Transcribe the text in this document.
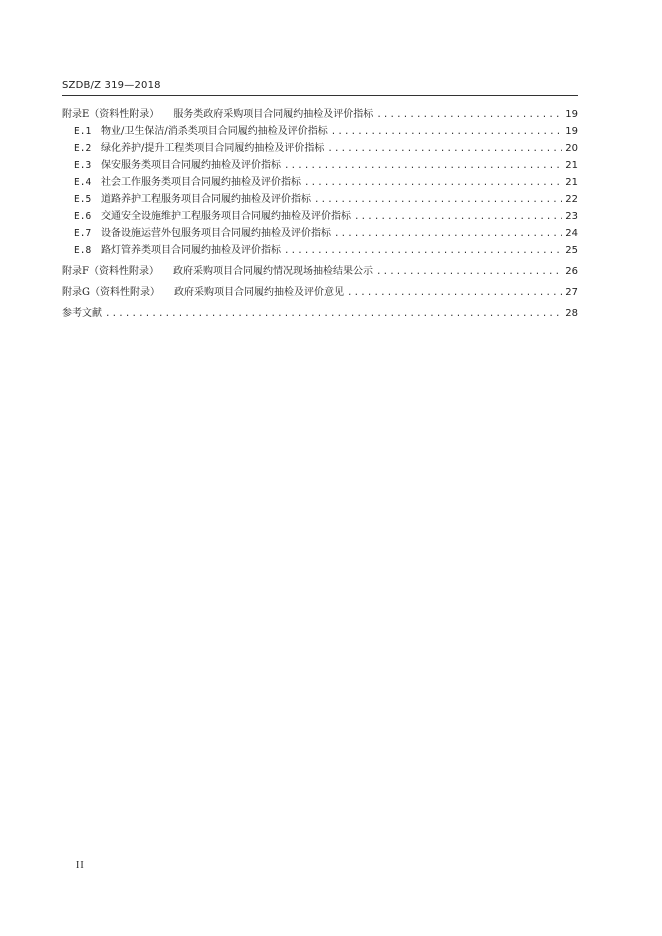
SZDB/Z 319—2018
附录E（资料性附录） 服务类政府采购项目合同履约抽检及评价指标 .....	19
E.1 物业/卫生保洁/消杀类项目合同履约抽检及评价指标 .....	19
E.2 绿化养护/提升工程类项目合同履约抽检及评价指标 .....	20
E.3 保安服务类项目合同履约抽检及评价指标 .....	21
E.4 社会工作服务类项目合同履约抽检及评价指标 .....	21
E.5 道路养护工程服务项目合同履约抽检及评价指标 .....	22
E.6 交通安全设施维护工程服务项目合同履约抽检及评价指标 .....	23
E.7 设备设施运营外包服务项目合同履约抽检及评价指标 .....	24
E.8 路灯管养类项目合同履约抽检及评价指标 .....	25
附录F（资料性附录） 政府采购项目合同履约情况现场抽检结果公示 .....	26
附录G（资料性附录） 政府采购项目合同履约抽检及评价意见 .....	27
参考文献 .....	28
II
